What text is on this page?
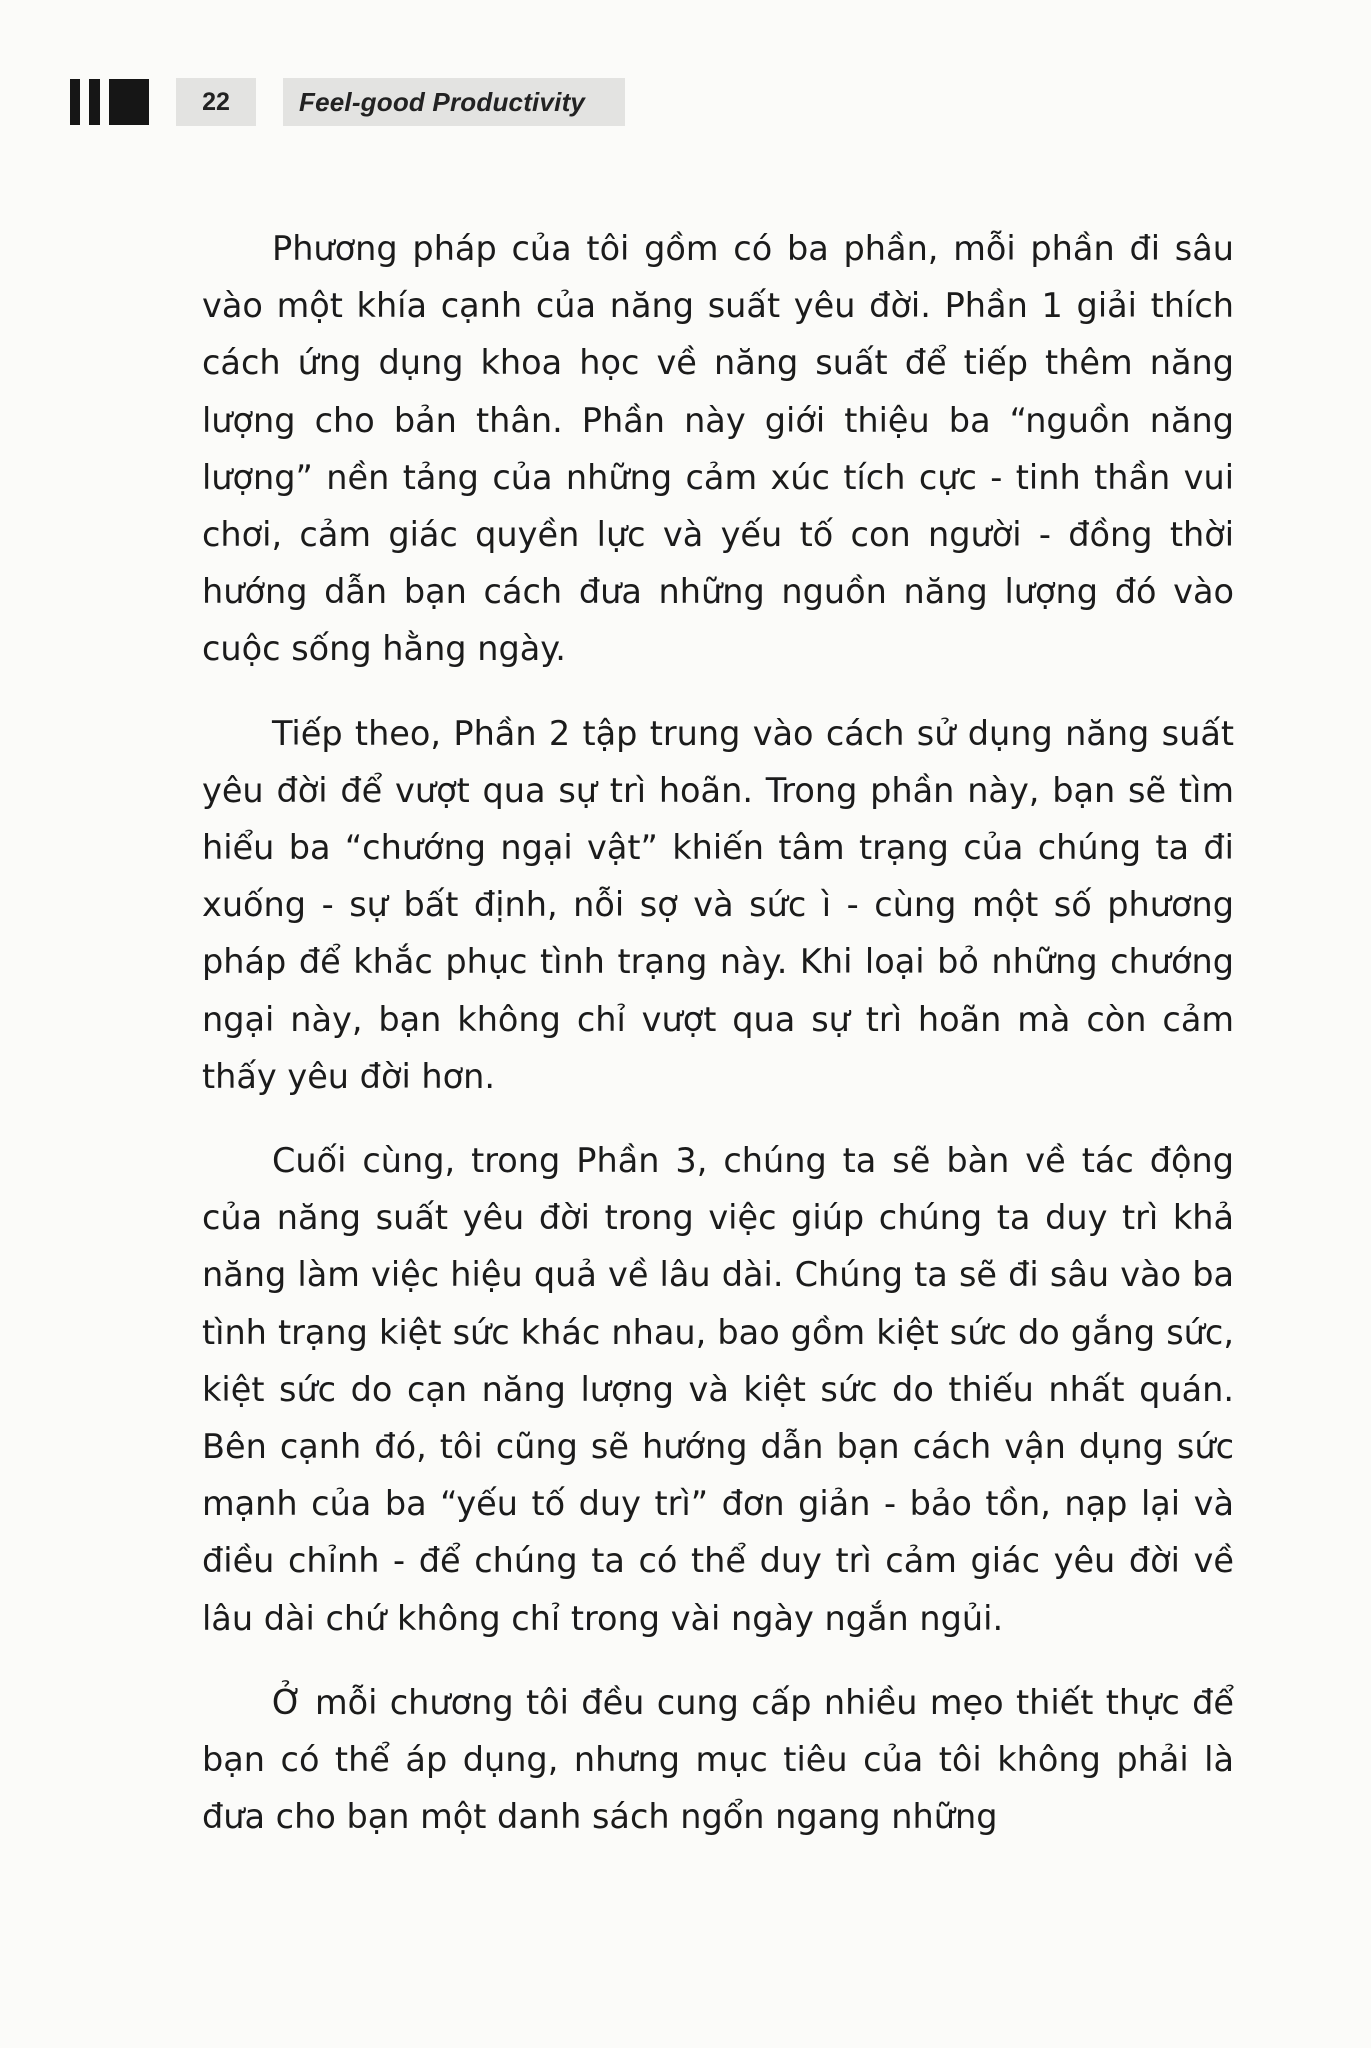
22	Feel-good Productivity

Phương pháp của tôi gồm có ba phần, mỗi phần đi sâu vào một khía cạnh của năng suất yêu đời. Phần 1 giải thích cách ứng dụng khoa học về năng suất để tiếp thêm năng lượng cho bản thân. Phần này giới thiệu ba “nguồn năng lượng” nền tảng của những cảm xúc tích cực - tinh thần vui chơi, cảm giác quyền lực và yếu tố con người - đồng thời hướng dẫn bạn cách đưa những nguồn năng lượng đó vào cuộc sống hằng ngày.

Tiếp theo, Phần 2 tập trung vào cách sử dụng năng suất yêu đời để vượt qua sự trì hoãn. Trong phần này, bạn sẽ tìm hiểu ba “chướng ngại vật” khiến tâm trạng của chúng ta đi xuống - sự bất định, nỗi sợ và sức ì - cùng một số phương pháp để khắc phục tình trạng này. Khi loại bỏ những chướng ngại này, bạn không chỉ vượt qua sự trì hoãn mà còn cảm thấy yêu đời hơn.

Cuối cùng, trong Phần 3, chúng ta sẽ bàn về tác động của năng suất yêu đời trong việc giúp chúng ta duy trì khả năng làm việc hiệu quả về lâu dài. Chúng ta sẽ đi sâu vào ba tình trạng kiệt sức khác nhau, bao gồm kiệt sức do gắng sức, kiệt sức do cạn năng lượng và kiệt sức do thiếu nhất quán. Bên cạnh đó, tôi cũng sẽ hướng dẫn bạn cách vận dụng sức mạnh của ba “yếu tố duy trì” đơn giản - bảo tồn, nạp lại và điều chỉnh - để chúng ta có thể duy trì cảm giác yêu đời về lâu dài chứ không chỉ trong vài ngày ngắn ngủi.

Ở mỗi chương tôi đều cung cấp nhiều mẹo thiết thực để bạn có thể áp dụng, nhưng mục tiêu của tôi không phải là đưa cho bạn một danh sách ngổn ngang những
